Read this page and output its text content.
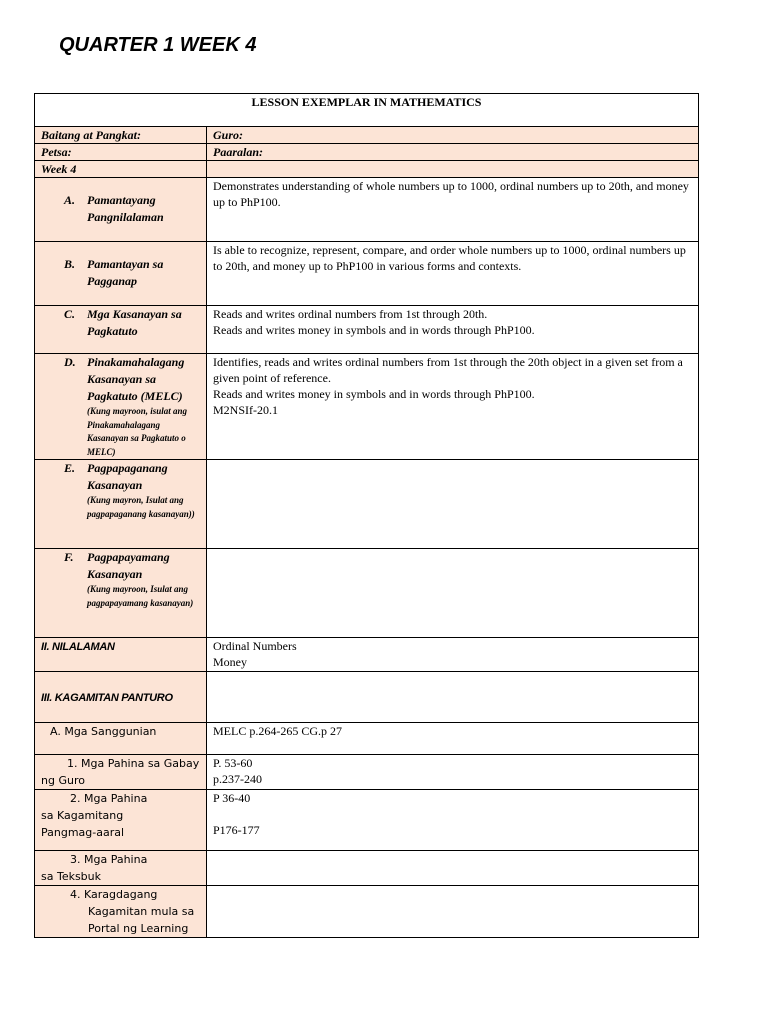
QUARTER 1 WEEK 4
LESSON EXEMPLAR IN MATHEMATICS	
Baitang at Pangkat:	Guro:
Petsa:	Paaralan:
Week 4	

A. Pamantayang Pangnilalaman	Demonstrates understanding of whole numbers up to 1000, ordinal numbers up to 20th, and money up to PhP100.

B. Pamantayan sa Pagganap	Is able to recognize, represent, compare, and order whole numbers up to 1000, ordinal numbers up to 20th, and money up to PhP100 in various forms and contexts.

C. Mga Kasanayan sa Pagkatuto	Reads and writes ordinal numbers from 1st through 20th.
Reads and writes money in symbols and in words through PhP100.

D. Pinakamahalagang Kasanayan sa Pagkatuto (MELC)
(Kung mayroon, isulat ang Pinakamahalagang Kasanayan sa Pagkatuto o MELC)	Identifies, reads and writes ordinal numbers from 1st through the 20th object in a given set from a given point of reference.
Reads and writes money in symbols and in words through PhP100.
M2NSIf-20.1

E. Pagpapaganang Kasanayan
(Kung mayron, Isulat ang pagpapaganang kasanayan))	

F. Pagpapayamang Kasanayan
(Kung mayroon, Isulat ang pagpapayamang kasanayan)	

II. NILALAMAN	Ordinal Numbers
Money

III. KAGAMITAN PANTURO	
A. Mga Sanggunian	MELC p.264-265 CG.p 27

1. Mga Pahina sa Gabay ng Guro	P. 53-60
p.237-240

2. Mga Pahina sa Kagamitang Pangmag-aaral	P 36-40
P176-177

3. Mga Pahina sa Teksbuk	

4. Karagdagang
Kagamitan mula sa
Portal ng Learning	
